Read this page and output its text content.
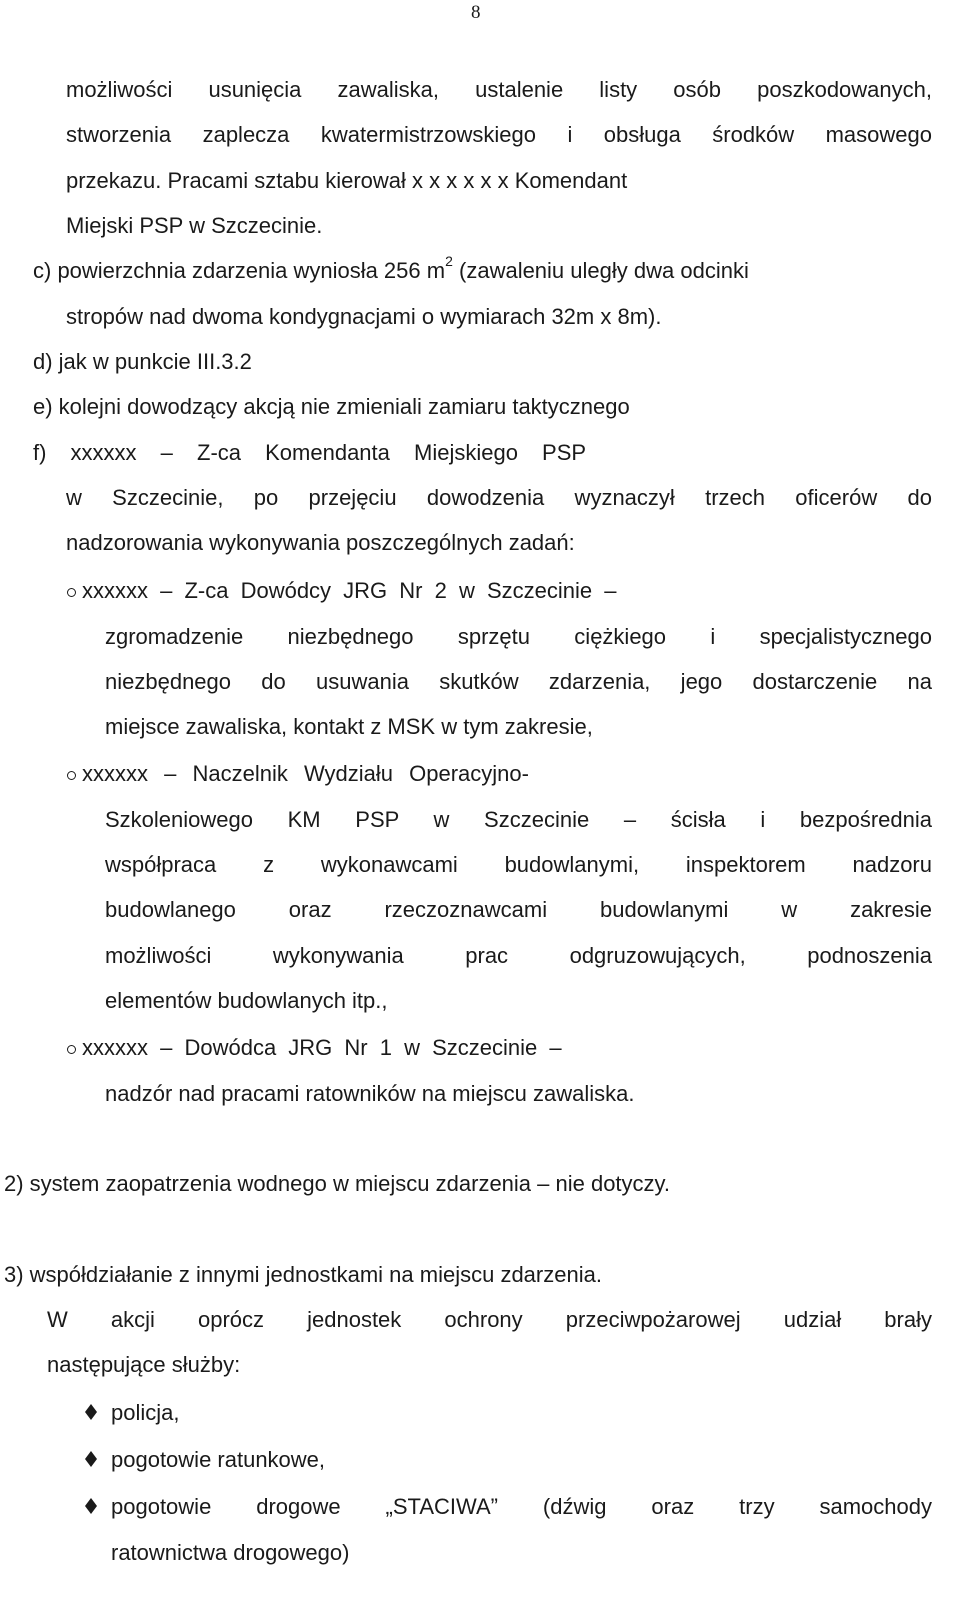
8
możliwości usunięcia zawaliska, ustalenie listy osób poszkodowanych,
stworzenia zaplecza kwatermistrzowskiego i obsługa środków masowego
przekazu. Pracami sztabu kierował x x x x x x Komendant
Miejski PSP w Szczecinie.
c) powierzchnia zdarzenia wyniosła 256 $m^2$ (zawaleniu uległy dwa odcinki
stropów nad dwoma kondygnacjami o wymiarach 32m x 8m).
d) jak w punkcie III.3.2
e) kolejni dowodzący akcją nie zmieniali zamiaru taktycznego
f) xxxxxx – Z-ca Komendanta Miejskiego PSP
w Szczecinie, po przejęciu dowodzenia wyznaczył trzech oficerów do
nadzorowania wykonywania poszczególnych zadań:
xxxxxx – Z-ca Dowódcy JRG Nr 2 w Szczecinie –
zgromadzenie niezbędnego sprzętu ciężkiego i specjalistycznego
niezbędnego do usuwania skutków zdarzenia, jego dostarczenie na
miejsce zawaliska, kontakt z MSK w tym zakresie,
xxxxxx – Naczelnik Wydziału Operacyjno-
Szkoleniowego KM PSP w Szczecinie – ścisła i bezpośrednia
współpraca z wykonawcami budowlanymi, inspektorem nadzoru
budowlanego oraz rzeczoznawcami budowlanymi w zakresie
możliwości wykonywania prac odgruzowujących, podnoszenia
elementów budowlanych itp.,
xxxxxx – Dowódca JRG Nr 1 w Szczecinie –
nadzór nad pracami ratowników na miejscu zawaliska.
2) system zaopatrzenia wodnego w miejscu zdarzenia – nie dotyczy.
3) współdziałanie z innymi jednostkami na miejscu zdarzenia.
W akcji oprócz jednostek ochrony przeciwpożarowej udział brały
następujące służby:
policja,
pogotowie ratunkowe,
pogotowie drogowe „STACIWA” (dźwig oraz trzy samochody
ratownictwa drogowego)
